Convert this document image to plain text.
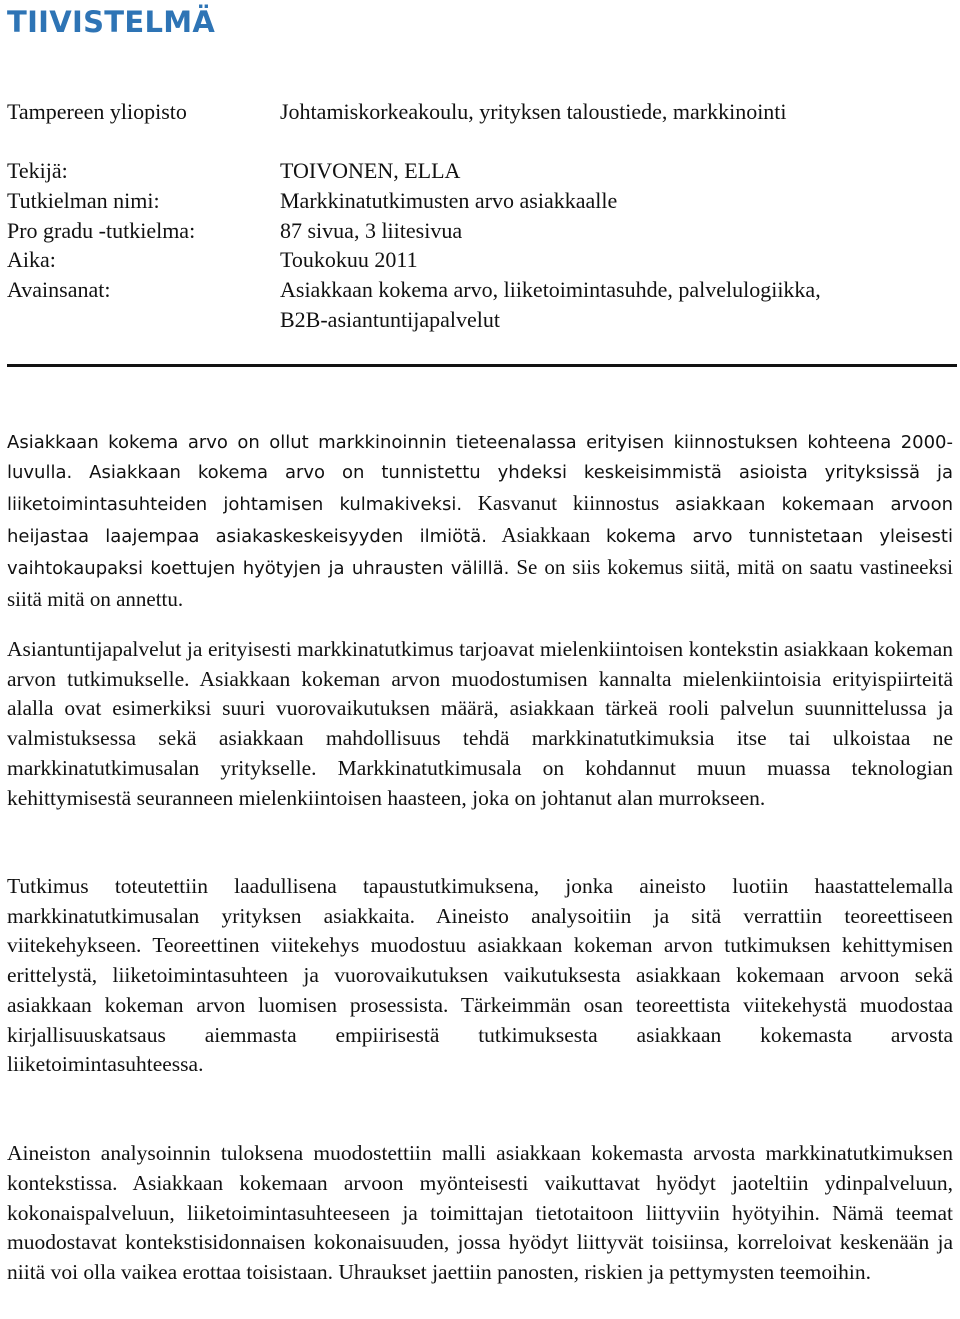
TIIVISTELMÄ
Tampereen yliopisto	Johtamiskorkeakoulu, yrityksen taloustiede, markkinointi
Tekijä:	TOIVONEN, ELLA
Tutkielman nimi:	Markkinatutkimusten arvo asiakkaalle
Pro gradu -tutkielma:	87 sivua, 3 liitesivua
Aika:	Toukokuu 2011
Avainsanat:	Asiakkaan kokema arvo, liiketoimintasuhde, palvelulogiikka,
B2B-asiantuntijapalvelut

Asiakkaan kokema arvo on ollut markkinoinnin tieteenalassa erityisen kiinnostuksen kohteena 2000-luvulla. Asiakkaan kokema arvo on tunnistettu yhdeksi keskeisimmistä asioista yrityksissä ja liiketoimintasuhteiden johtamisen kulmakiveksi. Kasvanut kiinnostus asiakkaan kokemaan arvoon heijastaa laajempaa asiakaskeskeisyyden ilmiötä. Asiakkaan kokema arvo tunnistetaan yleisesti vaihtokaupaksi koettujen hyötyjen ja uhrausten välillä. Se on siis kokemus siitä, mitä on saatu vastineeksi siitä mitä on annettu.

Asiantuntijapalvelut ja erityisesti markkinatutkimus tarjoavat mielenkiintoisen kontekstin asiakkaan kokeman arvon tutkimukselle. Asiakkaan kokeman arvon muodostumisen kannalta mielenkiintoisia erityispiirteitä alalla ovat esimerkiksi suuri vuorovaikutuksen määrä, asiakkaan tärkeä rooli palvelun suunnittelussa ja valmistuksessa sekä asiakkaan mahdollisuus tehdä markkinatutkimuksia itse tai ulkoistaa ne markkinatutkimusalan yritykselle. Markkinatutkimusala on kohdannut muun muassa teknologian kehittymisestä seuranneen mielenkiintoisen haasteen, joka on johtanut alan murrokseen.

Tutkimus toteutettiin laadullisena tapaustutkimuksena, jonka aineisto luotiin haastattelemalla markkinatutkimusalan yrityksen asiakkaita. Aineisto analysoitiin ja sitä verrattiin teoreettiseen viitekehykseen. Teoreettinen viitekehys muodostuu asiakkaan kokeman arvon tutkimuksen kehittymisen erittelystä, liiketoimintasuhteen ja vuorovaikutuksen vaikutuksesta asiakkaan kokemaan arvoon sekä asiakkaan kokeman arvon luomisen prosessista. Tärkeimmän osan teoreettista viitekehystä muodostaa kirjallisuuskatsaus aiemmasta empiirisestä tutkimuksesta asiakkaan kokemasta arvosta liiketoimintasuhteessa.

Aineiston analysoinnin tuloksena muodostettiin malli asiakkaan kokemasta arvosta markkinatutkimuksen kontekstissa. Asiakkaan kokemaan arvoon myönteisesti vaikuttavat hyödyt jaoteltiin ydinpalveluun, kokonaispalveluun, liiketoimintasuhteeseen ja toimittajan tietotaitoon liittyviin hyötyihin. Nämä teemat muodostavat kontekstisidonnaisen kokonaisuuden, jossa hyödyt liittyvät toisiinsa, korreloivat keskenään ja niitä voi olla vaikea erottaa toisistaan. Uhraukset jaettiin panosten, riskien ja pettymysten teemoihin.
